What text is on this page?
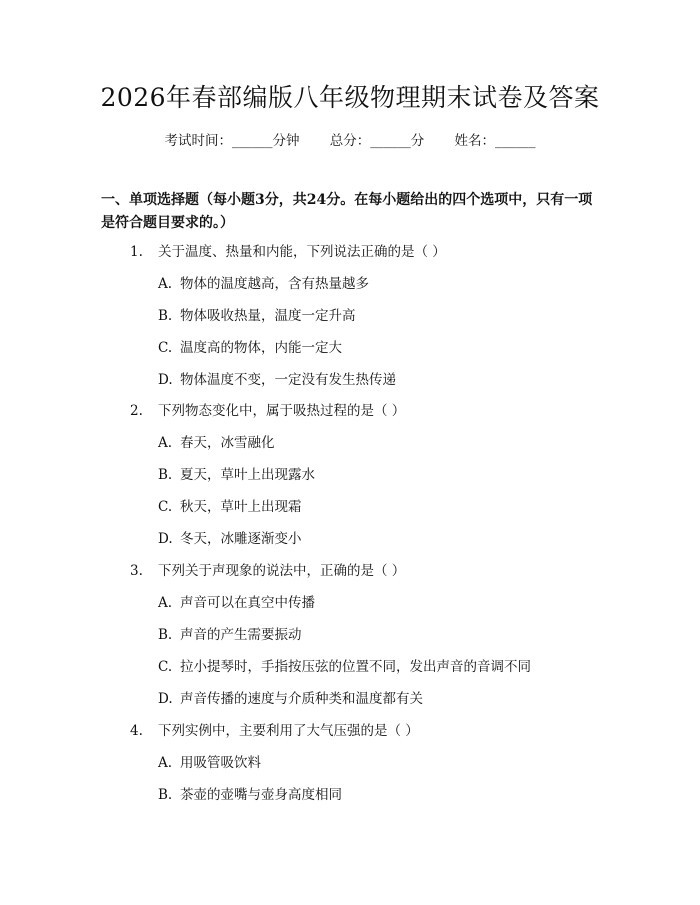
2026年春部编版八年级物理期末试卷及答案
考试时间：______分钟 总分：______分 姓名：______
一、单项选择题（每小题3分，共24分。在每小题给出的四个选项中，只有一项是符合题目要求的。）
1. 关于温度、热量和内能，下列说法正确的是（ ）
A. 物体的温度越高，含有热量越多
B. 物体吸收热量，温度一定升高
C. 温度高的物体，内能一定大
D. 物体温度不变，一定没有发生热传递
2. 下列物态变化中，属于吸热过程的是（ ）
A. 春天，冰雪融化
B. 夏天，草叶上出现露水
C. 秋天，草叶上出现霜
D. 冬天，冰雕逐渐变小
3. 下列关于声现象的说法中，正确的是（ ）
A. 声音可以在真空中传播
B. 声音的产生需要振动
C. 拉小提琴时，手指按压弦的位置不同，发出声音的音调不同
D. 声音传播的速度与介质种类和温度都有关
4. 下列实例中，主要利用了大气压强的是（ ）
A. 用吸管吸饮料
B. 茶壶的壶嘴与壶身高度相同
